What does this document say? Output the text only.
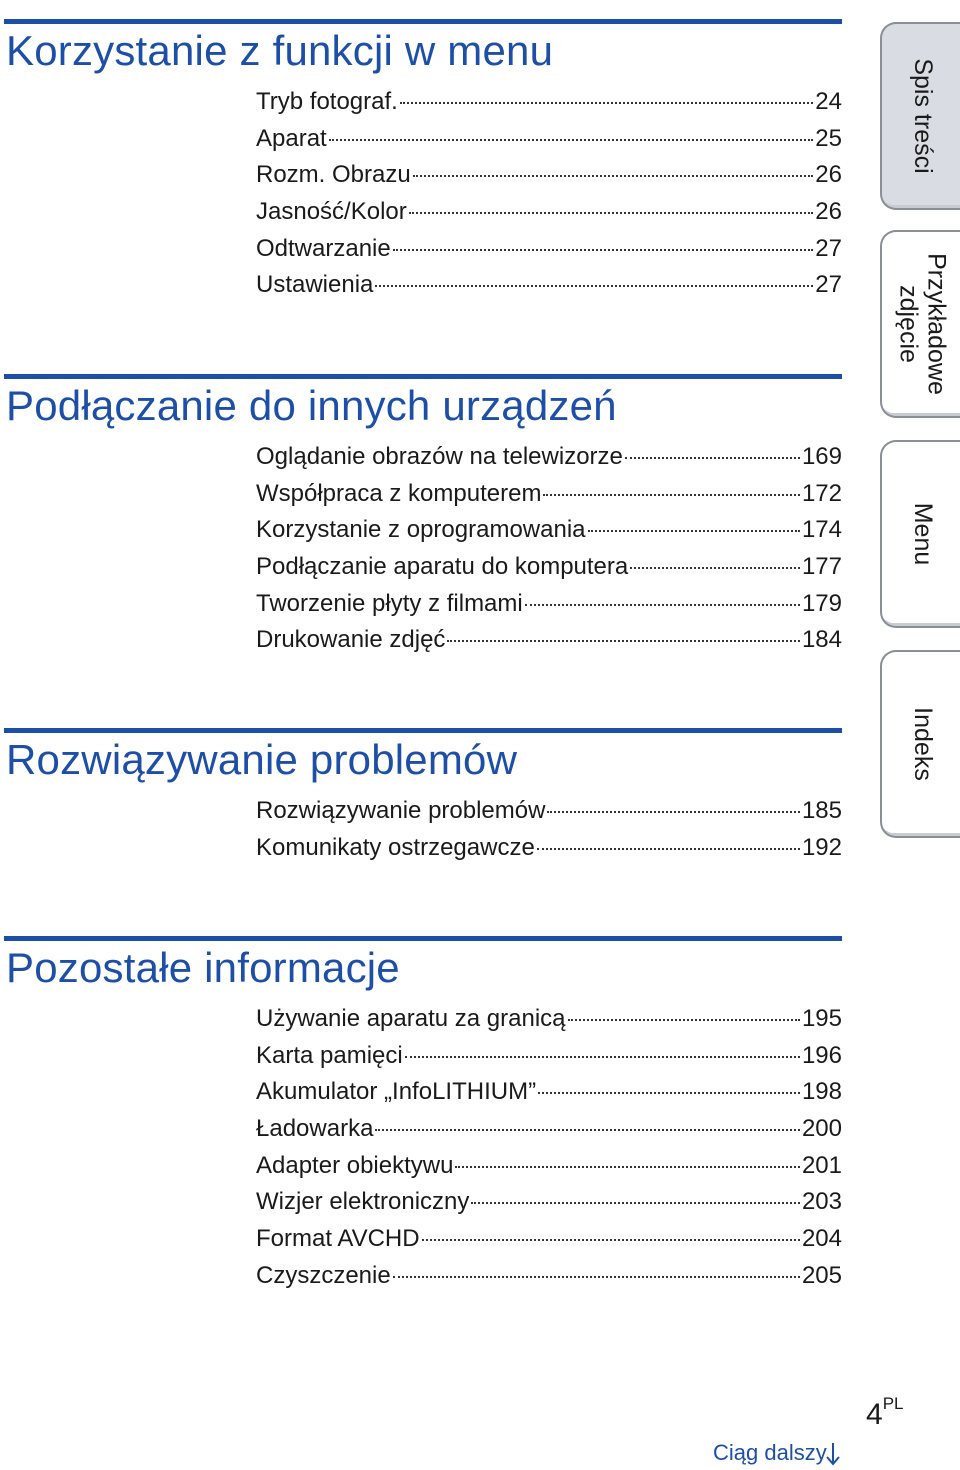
Korzystanie z funkcji w menu
Tryb fotograf.	24
Aparat	25
Rozm. Obrazu	26
Jasność/Kolor	26
Odtwarzanie	27
Ustawienia	27
Podłączanie do innych urządzeń
Oglądanie obrazów na telewizorze	169
Współpraca z komputerem	172
Korzystanie z oprogramowania	174
Podłączanie aparatu do komputera	177
Tworzenie płyty z filmami	179
Drukowanie zdjęć	184
Rozwiązywanie problemów
Rozwiązywanie problemów	185
Komunikaty ostrzegawcze	192
Pozostałe informacje
Używanie aparatu za granicą	195
Karta pamięci	196
Akumulator „InfoLITHIUM”	198
Ładowarka	200
Adapter obiektywu	201
Wizjer elektroniczny	203
Format AVCHD	204
Czyszczenie	205
Spis treści
Przykładowe
zdjęcie
Menu
Indeks
$4^{PL}$
Ciąg dalszy
